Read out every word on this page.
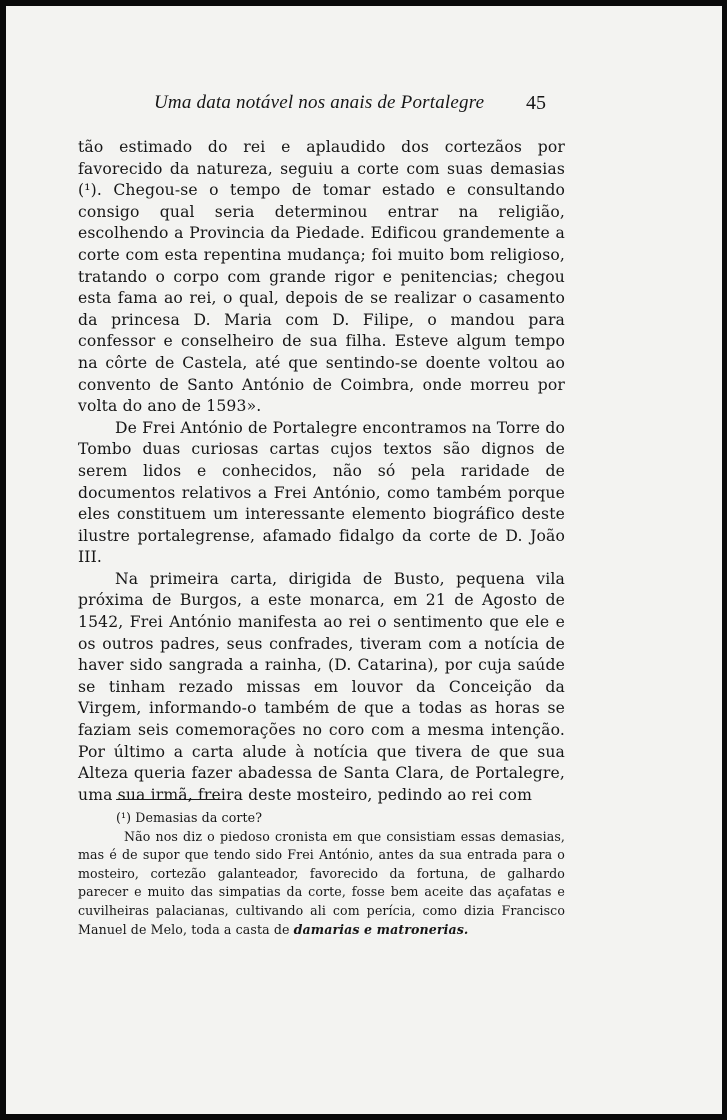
Uma data notável nos anais de Portalegre 45

tão estimado do rei e aplaudido dos cortezãos por favorecido da natureza, seguiu a corte com suas demasias (¹). Chegou-se o tempo de tomar estado e consultando consigo qual seria determinou entrar na religião, escolhendo a Provincia da Piedade. Edificou grandemente a corte com esta repentina mudança; foi muito bom religioso, tratando o corpo com grande rigor e penitencias; chegou esta fama ao rei, o qual, depois de se realizar o casamento da princesa D. Maria com D. Filipe, o mandou para confessor e conselheiro de sua filha. Esteve algum tempo na côrte de Castela, até que sentindo-se doente voltou ao convento de Santo António de Coimbra, onde morreu por volta do ano de 1593».

De Frei António de Portalegre encontramos na Torre do Tombo duas curiosas cartas cujos textos são dignos de serem lidos e conhecidos, não só pela raridade de documentos relativos a Frei António, como também porque eles constituem um interessante elemento biográfico deste ilustre portalegrense, afamado fidalgo da corte de D. João III.

Na primeira carta, dirigida de Busto, pequena vila próxima de Burgos, a este monarca, em 21 de Agosto de 1542, Frei António manifesta ao rei o sentimento que ele e os outros padres, seus confrades, tiveram com a notícia de haver sido sangrada a rainha, (D. Catarina), por cuja saúde se tinham rezado missas em louvor da Conceição da Virgem, informando-o também de que a todas as horas se faziam seis comemorações no coro com a mesma intenção. Por último a carta alude à notícia que tivera de que sua Alteza queria fazer abadessa de Santa Clara, de Portalegre, uma sua irmã, freira deste mosteiro, pedindo ao rei com

(¹) Demasias da corte?

Não nos diz o piedoso cronista em que consistiam essas demasias, mas é de supor que tendo sido Frei António, antes da sua entrada para o mosteiro, cortezão galanteador, favorecido da fortuna, de galhardo parecer e muito das simpatias da corte, fosse bem aceite das açafatas e cuvilheiras palacianas, cultivando ali com perícia, como dizia Francisco Manuel de Melo, toda a casta de damarias e matronerias.
